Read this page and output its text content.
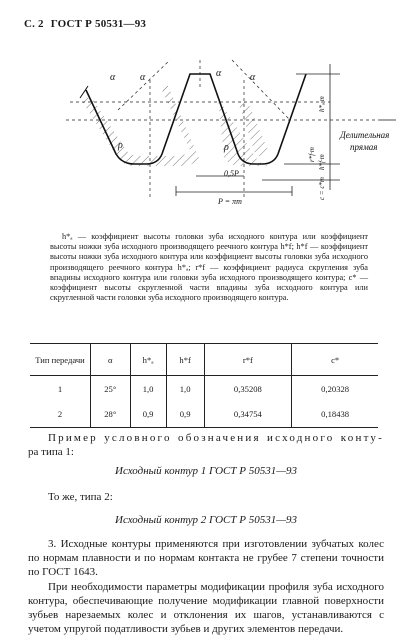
С. 2 ГОСТ Р 50531—93
α α	α	α
ρ	ρ
0,5P
P = πm
Делительная
прямая
h*ₐ·m
h*f·m
r*f·m
c = c*m
h*ₐ — коэффициент высоты головки зуба исходного контура или коэффициент высоты ножки зуба исходного производящего реечного контура h*f; h*f — коэффициент высоты ножки зуба исходного контура или коэффициент высоты головки зуба исходного производящего реечного контура h*ₐ; r*f — коэффициент радиуса скругления зуба впадины исходного контура или головки зуба исходного производящего контура; c* — коэффициент высоты скругленной части впадины зуба исходного контура или скругленной части головки зуба исходного производящего контура.
Тип передачи	α	h*ₐ	h*f	r*f	c*
1	25°	1,0	1,0	0,35208	0,20328
2	28°	0,9	0,9	0,34754	0,18438
Пример условного обозначения исходного конту- ра типа 1:
Исходный контур 1 ГОСТ Р 50531—93
То же, типа 2:
Исходный контур 2 ГОСТ Р 50531—93
3. Исходные контуры применяются при изготовлении зубчатых колес по нормам плавности и по нормам контакта не грубее 7 степени точности по ГОСТ 1643.
При необходимости параметры модификации профиля зуба исходного контура, обеспечивающие получение модификации главной поверхности зубьев нарезаемых колес и отклонения их шагов, устанавливаются с учетом упругой податливости зубьев и других элементов передачи.
